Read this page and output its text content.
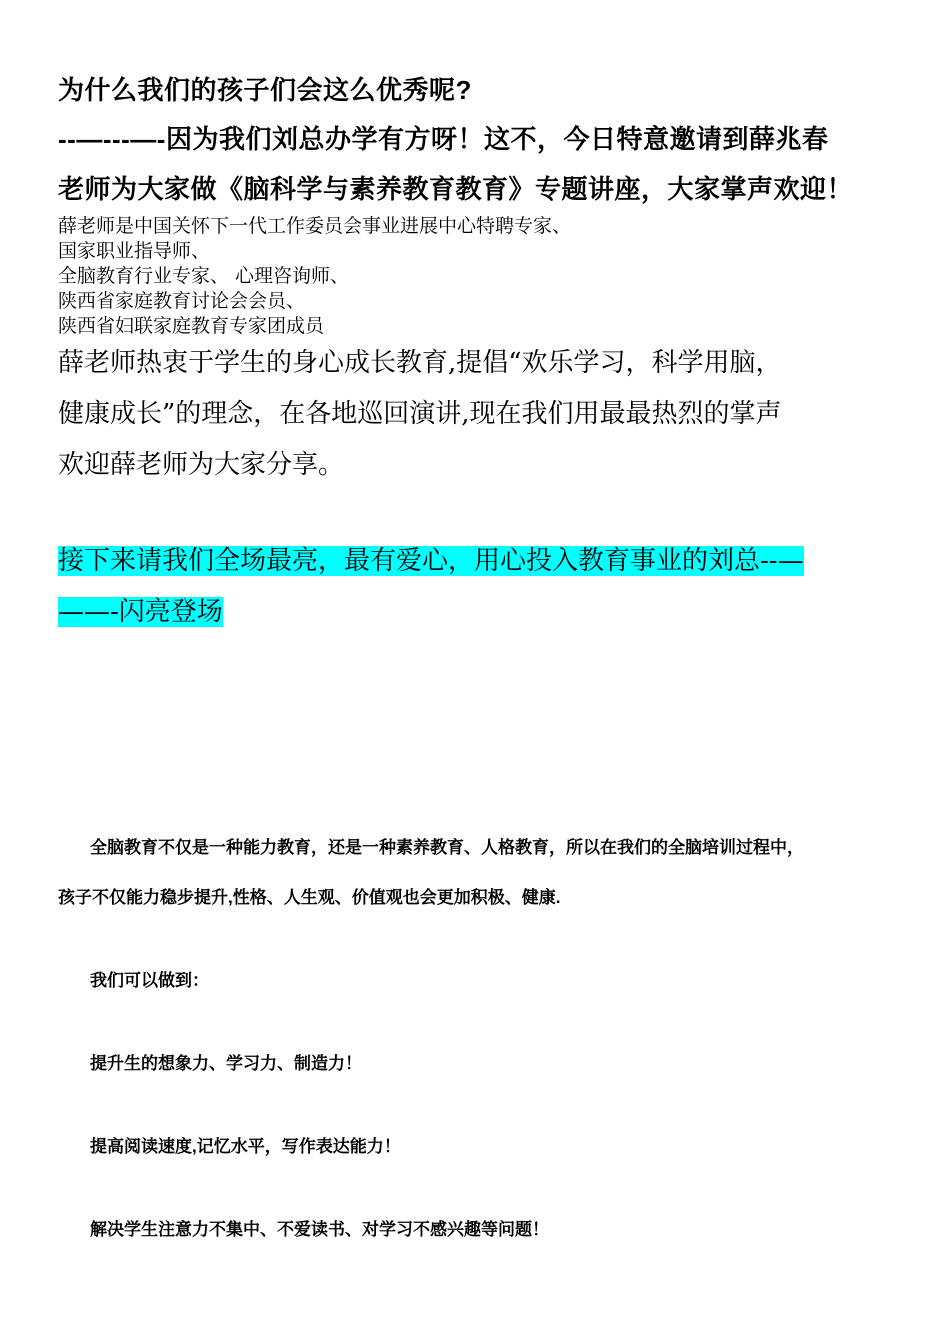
为什么我们的孩子们会这么优秀呢?
--—---—-因为我们刘总办学有方呀！这不，今日特意邀请到薛兆春
老师为大家做《脑科学与素养教育教育》专题讲座，大家掌声欢迎！
薛老师是中国关怀下一代工作委员会事业进展中心特聘专家、
国家职业指导师、
全脑教育行业专家、 心理咨询师、
陕西省家庭教育讨论会会员、
陕西省妇联家庭教育专家团成员
薛老师热衷于学生的身心成长教育,提倡“欢乐学习，科学用脑，
健康成长”的理念，在各地巡回演讲,现在我们用最最热烈的掌声
欢迎薛老师为大家分享。
接下来请我们全场最亮，最有爱心，用心投入教育事业的刘总--—
——-闪亮登场
全脑教育不仅是一种能力教育，还是一种素养教育、人格教育，所以在我们的全脑培训过程中，
孩子不仅能力稳步提升,性格、人生观、价值观也会更加积极、健康.
我们可以做到：
提升生的想象力、学习力、制造力！
提高阅读速度,记忆水平，写作表达能力！
解决学生注意力不集中、不爱读书、对学习不感兴趣等问题！
